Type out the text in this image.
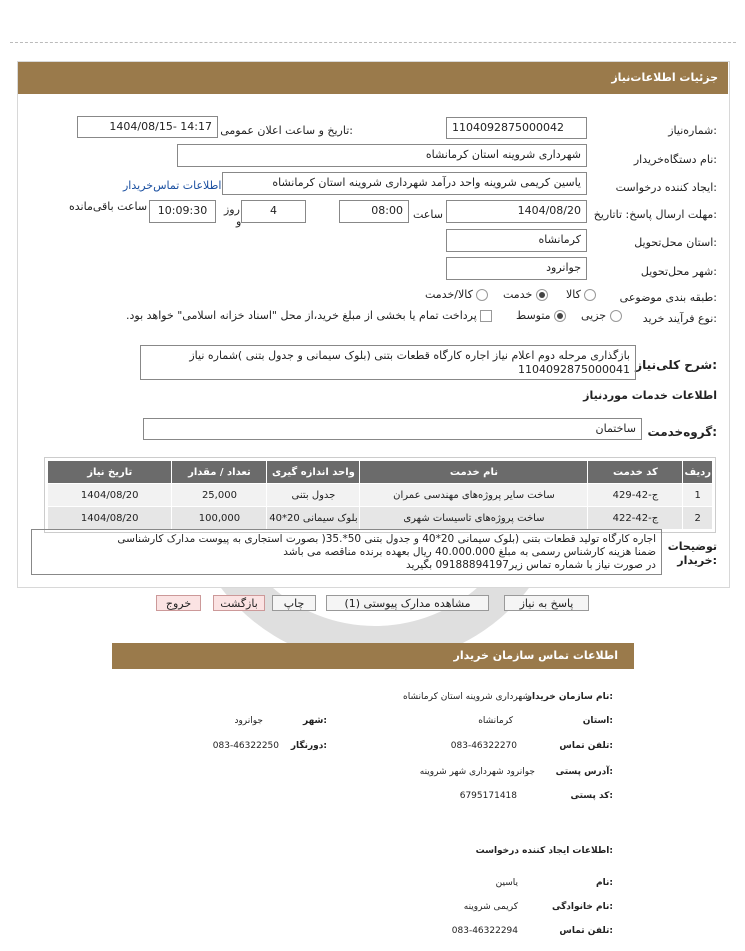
جزئیات اطلاعات‌نیاز
شماره‌نیاز:
1104092875000042
تاریخ و ساعت اعلان عمومی:
1404/08/15- 14:17
نام دستگاه‌خریدار:
شهرداری شروینه استان کرمانشاه
ایجاد کننده درخواست:
یاسین کریمی شروینه واحد درآمد شهرداری شروینه استان کرمانشاه
اطلاعات تماس‌خریدار
مهلت ارسال پاسخ: تاتاریخ:
1404/08/20
ساعت
08:00
4
روز
و
10:09:30
ساعت باقی‌مانده
استان محل‌تحویل:
کرمانشاه
شهر محل‌تحویل:
جوانرود
طبقه بندی موضوعی:
کالا
خدمت
کالا/خدمت
نوع فرآیند خرید:
جزیی
متوسط
پرداخت تمام یا بخشی از مبلغ خرید،از محل "اسناد خزانه اسلامی" خواهد بود.
شرح کلی‌نیاز:
بازگذاری مرحله دوم اعلام نیاز اجاره کارگاه قطعات بتنی (بلوک سیمانی و جدول بتنی )شماره نیاز
1104092875000041
اطلاعات خدمات موردنیاز
گروه‌خدمت:
ساختمان
ردیف	کد خدمت	نام خدمت	واحد اندازه گیری	تعداد / مقدار	تاریخ نیاز
1	ج-42-429	ساخت سایر پروژه‌های مهندسی عمران	جدول بتنی	25,000	1404/08/20
2	ج-42-422	ساخت پروژه‌های تاسیسات شهری	بلوک سیمانی 20*40	100,000	1404/08/20
توضیحات خریدار:
اجاره کارگاه تولید قطعات بتنی (بلوک سیمانی 20*40 و جدول بتنی 50*.35( بصورت استجاری به پیوست مدارک کارشناسی
ضمنا هزینه کارشناس رسمی به مبلغ 40.000.000 ریال بعهده برنده مناقصه می باشد
در صورت نیاز با شماره تماس زیر09188894197 بگیرید
پاسخ به نیاز
مشاهده مدارک پیوستی (1)
چاپ
بازگشت
خروج
اطلاعات تماس سازمان خریدار
نام سازمان خریدار:
شهرداری شروینه استان کرمانشاه
استان:
کرمانشاه
شهر:
جوانرود
تلفن تماس:
083-46322270
دورنگار:
083-46322250
آدرس پستی:
جوانرود شهرداری شهر شروینه
کد پستی:
6795171418
اطلاعات ایجاد کننده درخواست:
نام:
یاسین
نام خانوادگی:
کریمی شروینه
تلفن تماس:
083-46322294
